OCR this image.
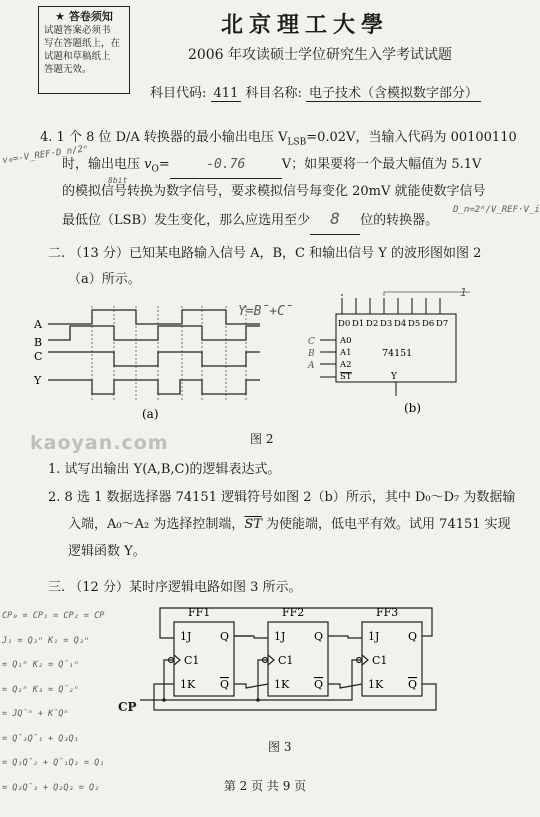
★ 答卷须知
试题答案必须书
写在答题纸上，在
试题和草稿纸上
答题无效。
北京理工大學
2006 年攻读硕士学位研究生入学考试试题
科目代码: 411 科目名称: 电子技术（含模拟数字部分）
4. 1 个 8 位 D/A 转换器的最小输出电压 $V_{LSB}=0.02V$，当输入代码为 00100110
时，输出电压 $v_O=$	-0.76	V；如果要将一个最大幅值为 5.1V
的模拟信号转换为数字信号，要求模拟信号每变化 20mV 就能使数字信号
最低位（LSB）发生变化，那么应选用至少 8 位的转换器。
v₀=-V_REF·D_n/2ⁿ
D_n=2ⁿ/V_REF·V_i
8bit
二. （13 分）已知某电路输入信号 A，B，C 和输出信号 Y 的波形图如图 2
（a）所示。
Y=B̄+C̄
1
A
B
C
Y
(a)
D0 D1 D2 D3 D4 D5 D6 D7
A0
A1
A2
ST
74151
Y
C
B
A
(b)
图 2
kaoyan.com
1. 试写出输出 Y(A,B,C)的逻辑表达式。
2. 8 选 1 数据选择器 74151 逻辑符号如图 2（b）所示，其中 D₀～D₇ 为数据输
入端，A₀～A₂ 为选择控制端，$\overline{ST}$ 为使能端，低电平有效。试用 74151 实现
逻辑函数 Y。
三. （12 分）某时序逻辑电路如图 3 所示。
FF1	FF2	FF3
1J	1J	1J
C1	C1	C1
1K	1K	1K
Q	Q	Q
Q	Q	Q
CP
图 3
CP₀ = CP₁ = CP₂ = CP
J₁ = Q₃ⁿ K₁ = Q₃ⁿ
= Q₁ⁿ K₂ = Q̄₁ⁿ
= Q₂ⁿ K₃ = Q̄₂ⁿ
= JQ̄ⁿ + K̄Qⁿ
= Q̄₃Q̄₁ + Q₃Q₁
= Q₁Q̄₂ + Q̄₁Q₂ = Q₁
= Q₂Q̄₃ + Q₂Q₃ = Q₂	第 2 页 共 9 页
